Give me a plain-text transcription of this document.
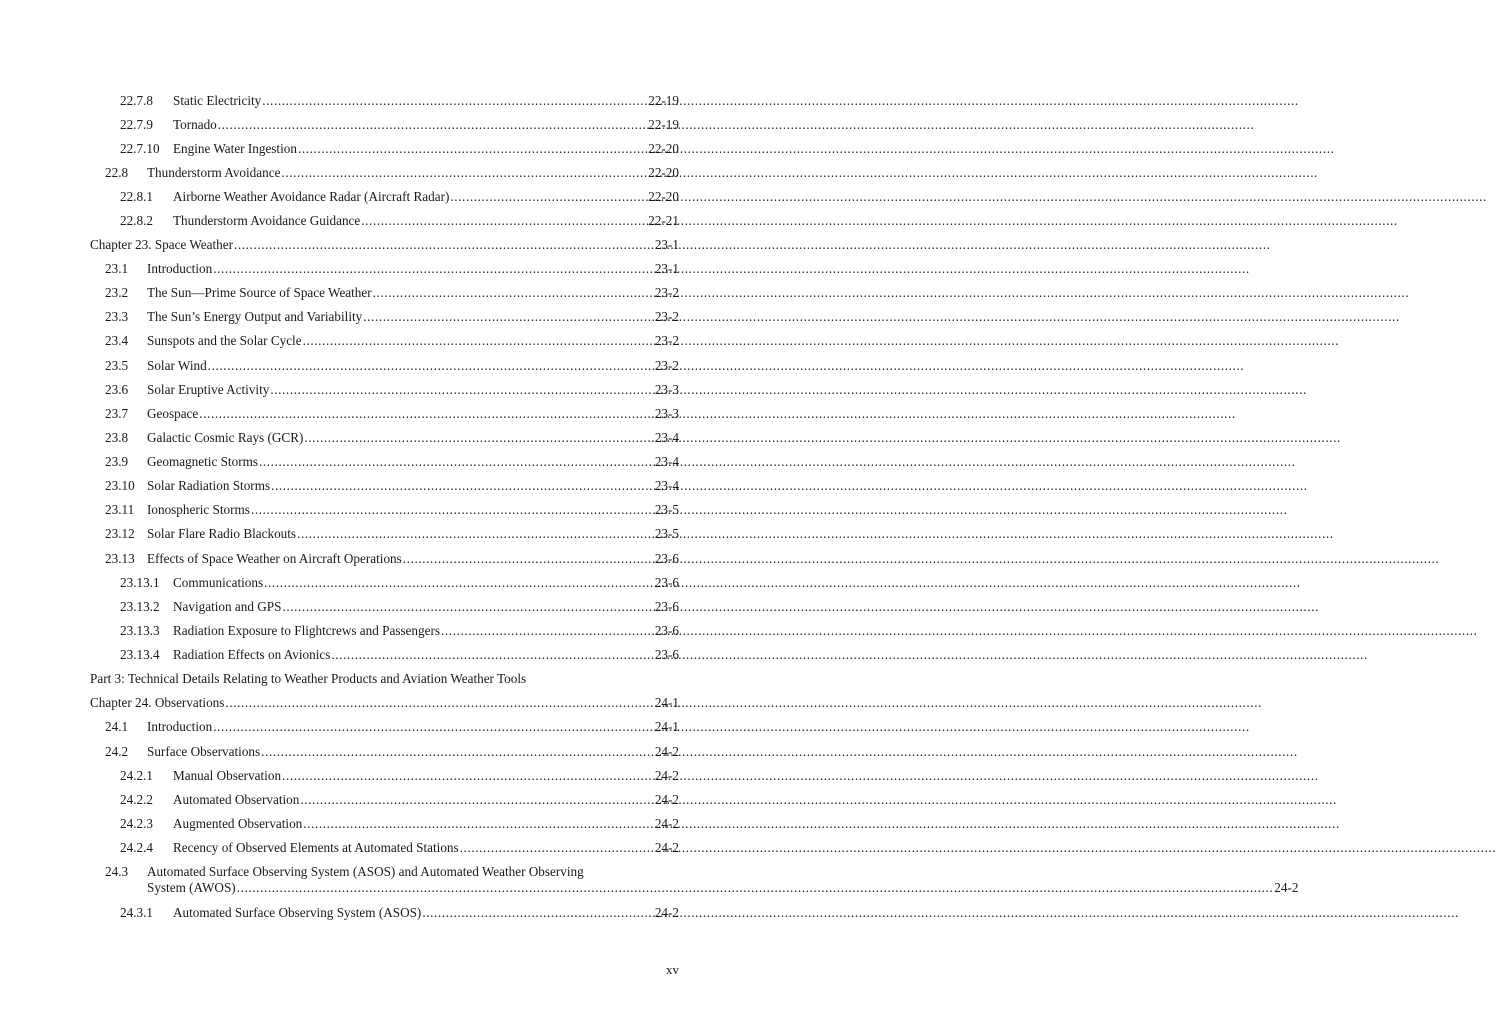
22.7.8	Static Electricity .....	22-19
22.7.9	Tornado .....	22-19
22.7.10	Engine Water Ingestion .....	22-20
22.8	Thunderstorm Avoidance .....	22-20
22.8.1	Airborne Weather Avoidance Radar (Aircraft Radar) .....	22-20
22.8.2	Thunderstorm Avoidance Guidance .....	22-21
Chapter 23. Space Weather .....	23-1
23.1	Introduction .....	23-1
23.2	The Sun—Prime Source of Space Weather .....	23-2
23.3	The Sun’s Energy Output and Variability .....	23-2
23.4	Sunspots and the Solar Cycle .....	23-2
23.5	Solar Wind .....	23-2
23.6	Solar Eruptive Activity .....	23-3
23.7	Geospace .....	23-3
23.8	Galactic Cosmic Rays (GCR) .....	23-4
23.9	Geomagnetic Storms .....	23-4
23.10 Solar Radiation Storms .....	23-4
23.11 Ionospheric Storms .....	23-5
23.12 Solar Flare Radio Blackouts .....	23-5
23.13 Effects of Space Weather on Aircraft Operations .....	23-6
23.13.1	Communications .....	23-6
23.13.2	Navigation and GPS .....	23-6
23.13.3	Radiation Exposure to Flightcrews and Passengers .....	23-6
23.13.4	Radiation Effects on Avionics .....	23-6
Part 3: Technical Details Relating to Weather Products and Aviation Weather Tools
Chapter 24. Observations .....	24-1
24.1	Introduction .....	24-1
24.2	Surface Observations .....	24-2
24.2.1	Manual Observation .....	24-2
24.2.2	Automated Observation .....	24-2
24.2.3	Augmented Observation .....	24-2
24.2.4	Recency of Observed Elements at Automated Stations .....	24-2
24.3	Automated Surface Observing System (ASOS) and Automated Weather Observing
System (AWOS) .....	24-2
24.3.1	Automated Surface Observing System (ASOS) .....	24-2
xv
